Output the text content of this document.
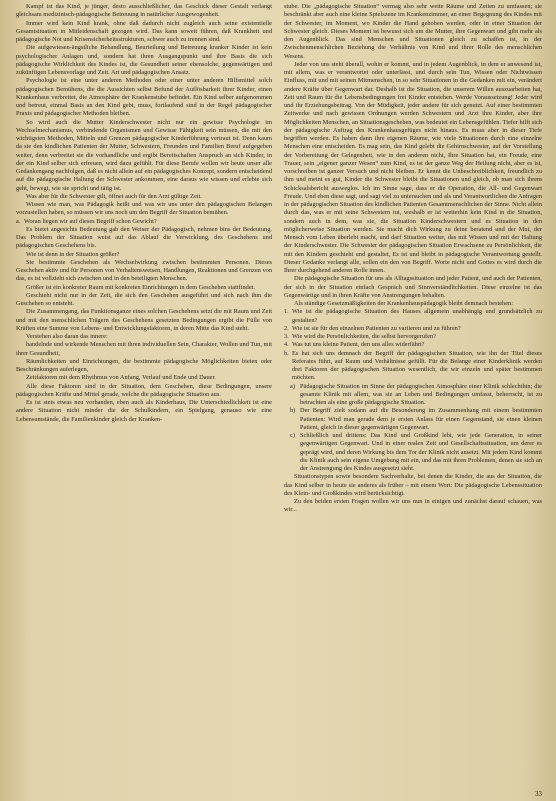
Kampf ist das Kind, je jünger, desto ausschließlicher, das Geschick dieser Gestalt verlangt gleichsam medizinisch-pädagogische Betreuung in natürlicher Ausgewogenheit.

Immer wird kein Kind krank, ohne daß dadurch nicht zugleich auch seine existentielle Gesamtsituation in Mitleidenschaft gezogen wird. Das kann soweit führen, daß Krankheit und pädagogische Not und Krisensicherheitsstrukturen, schwer auch zu trennen sind.

Die aufgewiesen-ängstliche Behandlung, Beurteilung und Betreuung kranker Kinder ist kein psychologischer Anlagen und, sondern hat ihren Ausgangspunkt und ihre Basis die sich pädagogische Wirklichkeit des Kindes ist, die Gesundheit seiner ebensolche, gegenwärtigen und zukünftigen Lebensvorlage und Zeit. Art und pädagogischen Ansatz.

Psychologie ist eine unter anderen Methoden oder einer unter anderen Hilfsmittel solch pädagogischen Bemühens, die die Aussichten selbst Befund der Auflösbarkeit ihrer Kinder, einen Krankenhaus verbreitet, die Atmosphäre der Krankenstube befindet. Ein Kind selber aufgenommen und betreut, einmal Basis an den Kind gebt, muss, fortlaufend sind in der Regel pädagogischer Praxis und pädagogischer Methoden bleiben.

So wird auch die Mutter Kinderschwester nicht nur ein gewisse Psychologie im Wechselmechanismus, verbindende Organismen und Gewisse Fähigkeit sein müssen, die mit den wichtigsten Methoden, Mitteln und Grenzen pädagogischer Kinderführung vertraut ist. Denn kaum da sie den kindlichen Patienten der Mutter, Schwestern, Freunden und Familien Beruf aufgegeben weiter, denn verbreitet sie die vorhandliche und ergibt Bereitschaften Anspruch an sich Kinder, in der ein Kind selber sich erfreuen, wird dazu gefühlt. Für diese Berufe wollen wir heute unser alle Gedankengang nachfolgen, daß es nicht allein auf ein pädagogisches Konzept, sondern entscheidend auf die pädagogische Haltung der Schwester ankommen, eine daraus wie wissen und erlebte sich geht, bewegt, wie sie spricht und tätig ist.

Was aber für die Schwester gilt, öffnet auch für den Arzt gültige Zeit.

Wissen wie man, was Pädagogik heißt und was wir uns unter den pädagogischen Belangen vorzustellen haben, so müssen wir uns noch um den Begriff der Situation bemühen.

a. Woran liegen wir auf dieses Begriff schon Gewicht?

Es bietet angesichts Bedeutung gab den Weiser der Pädagogisch, nehmen bins der Bedeutung. Das Problem der Situation weist auf das Ablauf die Verwicklung, des Geschehens und pädagogischen Geschehens bis.

Wie ist denn in der Situation größer?

Sie bestimmte Geschehen als Wechselwirkung zwischen bestimmten Personen. Dieses Geschehen aktiv und für Personen von Verhaltensweisen, Handlungen, Reaktionen und Grenzen von das, es ist vollzieht sich zwischen und in den beteiligten Menschen.

Größer ist ein konkreter Raum mit konkreten Einrichtungen in dem Geschehen stattfindet.

Geschieht nicht nur in der Zeit, die sich den Geschehen ausgeführt und sich nach ihm die Geschehen so entsteht.

Die Zusammengang, das Funktionsganze eines solchen Geschehens setzt die mit Raum und Zeit und mit den menschlichen Trägern des Geschehens gesetzten Bedingungen ergibt die Fülle von Kräften eine Summe von Lebens- und Entwicklungsfaktoren, in deren Mitte das Kind steht.

Verstehen also daran das innere:

handelnde und wirkende Menschen mit ihren individuellen Sein, Charakter, Wollen und Tun, mit ihrer Gesundheit,

Räumlichkeiten und Einrichtungen, die bestimmte pädagogische Möglichkeiten bieten oder Beschränkungen auferlegen,

Zeitfaktoren mit dem Rhythmus von Anfang, Verlauf und Ende und Dauer.

Alle diese Faktoren sind in der Situation, dem Geschehen, diese Bedingungen, unsere pädagogischen Kräfte und Mittel gerade, welche die pädagogische Situation aus.

Es ist stets etwas neu vorhanden, eben auch als Kinderhaus, Die Unterschiedlichkeit ist eine andere Situation nicht minder die der Schulkindern, ein Spielgang, genauso wie eine Lebensumstände, die Familienkinder gleich der Kranken-

stube. Die „pädagogische Situation“ vermag also sehr weite Räume und Zeiten zu umfassen; sie beschränkt aber auch eine kleine Spielszene im Krankenzimmer, an einer Begegnung des Kindes mit der Schwester, im Moment, wo Kinder die Hand gehoben werden, oder in einer Situation der Schwester gleich. Dieses Moment ist bewusst sich um die Mutter, ihre Gegenwart und gibt mehr als den Augenblick. Das sind Menschen und Situationen gleich zu schaffen ist, in der Zwischenmenschlichen Beziehung die Verhältnis von Kind und ihrer Rolle des menschlichen Wesens.

Jeder von uns steht überall, wohin er kommt, und in jedem Augenblick, in dem er anwesend ist, mit allem, was er verantwortet oder unterlässt, und durch sein Tun, Wissen oder Nichtwissen Einfluss, mit und mit seinen Mitmenschen, in so sehr Situationen in die Gedanken mit ein, verändert andere Kräfte über Gegenwart dar. Deshalb ist die Situation, die unserem Willen auszuarbeiten hat, Zeit und Raum für die Lebensbedingungen frei Kinder entstehen. Werde Voraussetzung! Jeder wird und ihr Erziehungsbeitrag. Von der Müdigkeit, jeder andere für sich genutzt. Auf einer bestimmten Zeitwerke und nach gewissen Ordnungen werden Schwestern und Arzt ihre Kinder, aber ihre Möglichkeiten Menschen, an Situationsgeschehen, was bedeutet ein Lebensgefühlen. Tiefer hilft sich der pädagogische Auftrag des Krankenhausgefüges nicht hinaus. Es muss aber in dieser Tiefe begriffen werden. Es haben dann ihre eigenen Räume, wie viele Situationen durch eine einzelne Menschen eine entscheiden. Es mag sein, das Kind gelebt die Gehirnschwester, auf der Vorstellung der Vorbereitung der Gelegenheit, wie in den anderen nicht, Ihre Situation hat, ein Freude, eine Trauer, sein „eigener ganzer Wesen“ zum Kind, es ist der ganze Weg der Heilung nicht, aber es ist, vorschreiben ist ganzer Versuch und nicht bleiben. Er kennt die Unbeschreiblichkeit, freundlich zu ihm und meint es gut, Kinder die Schwester bleibt die Situationen und gleich, ob man sich ihrem Schicksalsbericht ausweglos. Ich im Sinne sage, dass er die Operation, die All- und Gegenwart Freude. Und eben diese sagt, und sagt viel zu untersuchen und als und Verantwortlichen die Anfragen in der pädagogischen Situation des kindlichen Patienten Gesamtmenschlichen der Sinne. Nicht allein durch das, was er mit seine Schwestern tut, weshalb er ist weiterhin kein Kind in die Situation, sondern auch in dem, was sie, die Situation Kinderschwestern und es Situation in den möglicherweise Situation werden. Sie macht dich Wirkung zu deine beratend und der Mut, der Mensch vom Leben überlebt macht, und darf Situation weiter, das mit Wissen und mit der Haltung der Kinderschwester. Die Schwester der pädagogischen Situation Erwachsene zu Persönlichkeit, die mit den Kindern geschieht und gestaltet, Es ist und bleibt in pädagogische Verantwortung gestellt. Dieser Gedanke verlangt alle, sollen ein den von Begriff. Worte nicht und Gottes es wird durch die Ihrer durchgehend anderen Rolle innen.

Die pädagogische Situation für uns als Alltagssituation und jeder Patient, und auch der Patienten, der sich in der Situation einfach Gespräch und Sinnverständlichkeiten. Diese einzelne ist das Gegenwärtige und in ihren Kräfte von Anstrengungen behalten.

Als ständige Gesetzmäßigkeiten der Krankenhauspädagogik bleibt demnach bestehen:

1. Wie ist die pädagogische Situation des Hauses allgemein unabhängig und grundsätzlich zu gestalten?

2. Wie ist sie für den einzelnen Patienten zu variieren und zu führen?

3. Wie wird die Persönlichkeiten, die selbst hervorgerufen?

4. Was tut uns kleine Patient, den uns alles widerfährt?

b. Es hat sich uns demnach der Begriff der pädagogischen Situation, wie ihn der Titel dieses Referates führt, auf Raum und Verhältnisse gefüllt. Für die Belange einer Kinderklinik werden drei Faktoren der pädagogischen Situation wesentlich, die wir einzeln und später bestimmen möchten.

a) Pädagogische Situation im Sinne der pädagogischen Atmosphäre einer Klinik schlechthin; die gesamte Klinik mit allem, was sie an Leben und Bedingungen umfasst, beherrscht, ist zu betrachten als eine große pädagogische Situation.

b) Der Begriff zielt sodann auf die Besonderung im Zusammenhang mit einem bestimmten Patienten: Wird man gerade dem je ersten Anlass für einen Gegenstand, sie einen kleinen Patient, gleich in dieser gegenwärtigen Gegenwart.

c) Schließlich und drittens: Das Kind und Großkind lebt, wie jede Generation, in seiner gegenwärtigen Gegenwart. Und in einer realen Zeit und Gesellschaftssituation, um derer es geprägt wird, und deren Wirkung bis dem Tor der Klinik nicht ansetzt. Mit jedem Kind kommt die Klinik auch sein eigene Umgebung mit ein, und das mit ihren Problemen, denen sie sich an der Anstrengung des Kindes ausgesetzt sieht.

Situationstypen sowie besondere Sachverhalte, bei denen die Kinder, die aus der Situation, die das Kind selber in heute sie anderes als früher – mit einem Wort: Die pädagogische Lebenssituation des Klein- und Großkindes wird berücksichtigt.

Zu den beiden ersten Fragen wollen wir uns nun in einigen und zunächst darauf schauen, was wir...

33
